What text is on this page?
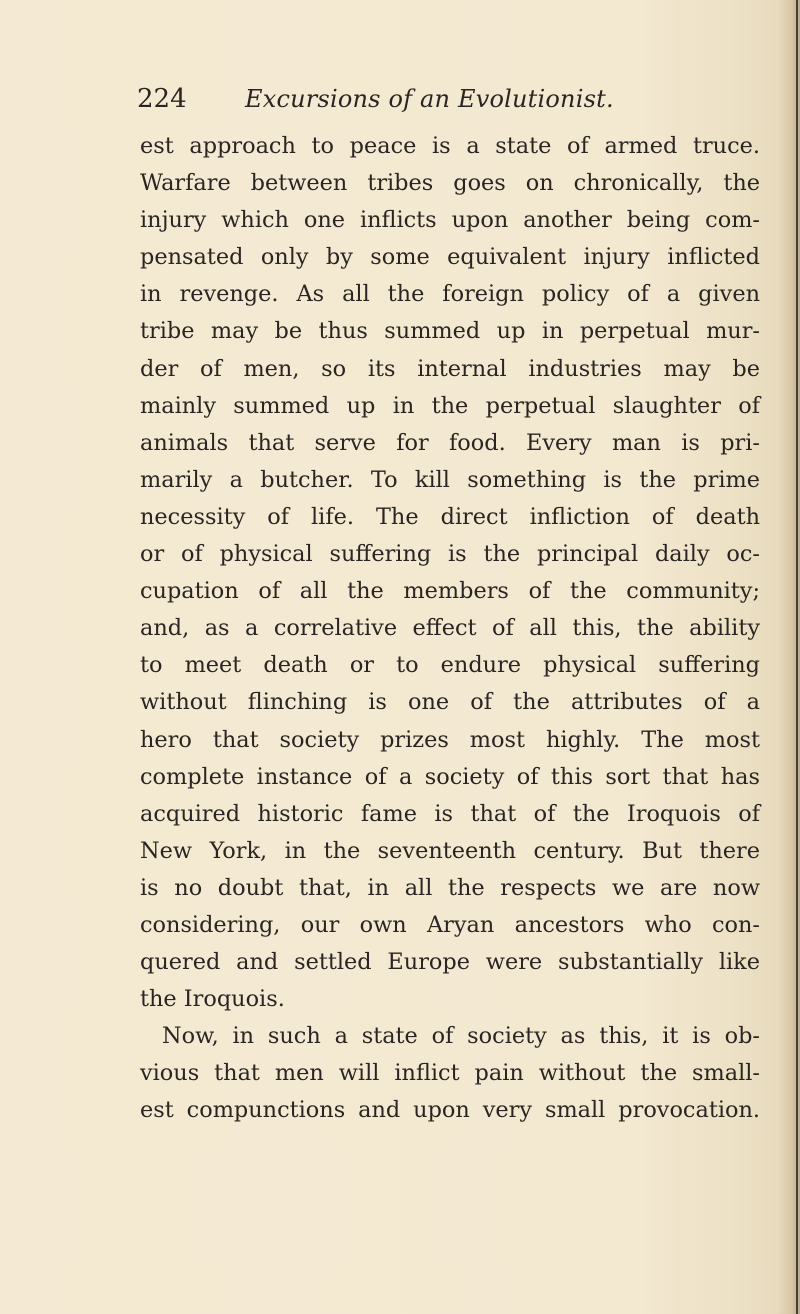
224 Excursions of an Evolutionist.
est approach to peace is a state of armed truce.
Warfare between tribes goes on chronically, the
injury which one inflicts upon another being com-
pensated only by some equivalent injury inflicted
in revenge. As all the foreign policy of a given
tribe may be thus summed up in perpetual mur-
der of men, so its internal industries may be
mainly summed up in the perpetual slaughter of
animals that serve for food. Every man is pri-
marily a butcher. To kill something is the prime
necessity of life. The direct infliction of death
or of physical suffering is the principal daily oc-
cupation of all the members of the community;
and, as a correlative effect of all this, the ability
to meet death or to endure physical suffering
without flinching is one of the attributes of a
hero that society prizes most highly. The most
complete instance of a society of this sort that has
acquired historic fame is that of the Iroquois of
New York, in the seventeenth century. But there
is no doubt that, in all the respects we are now
considering, our own Aryan ancestors who con-
quered and settled Europe were substantially like
the Iroquois.
Now, in such a state of society as this, it is ob-
vious that men will inflict pain without the small-
est compunctions and upon very small provocation.
